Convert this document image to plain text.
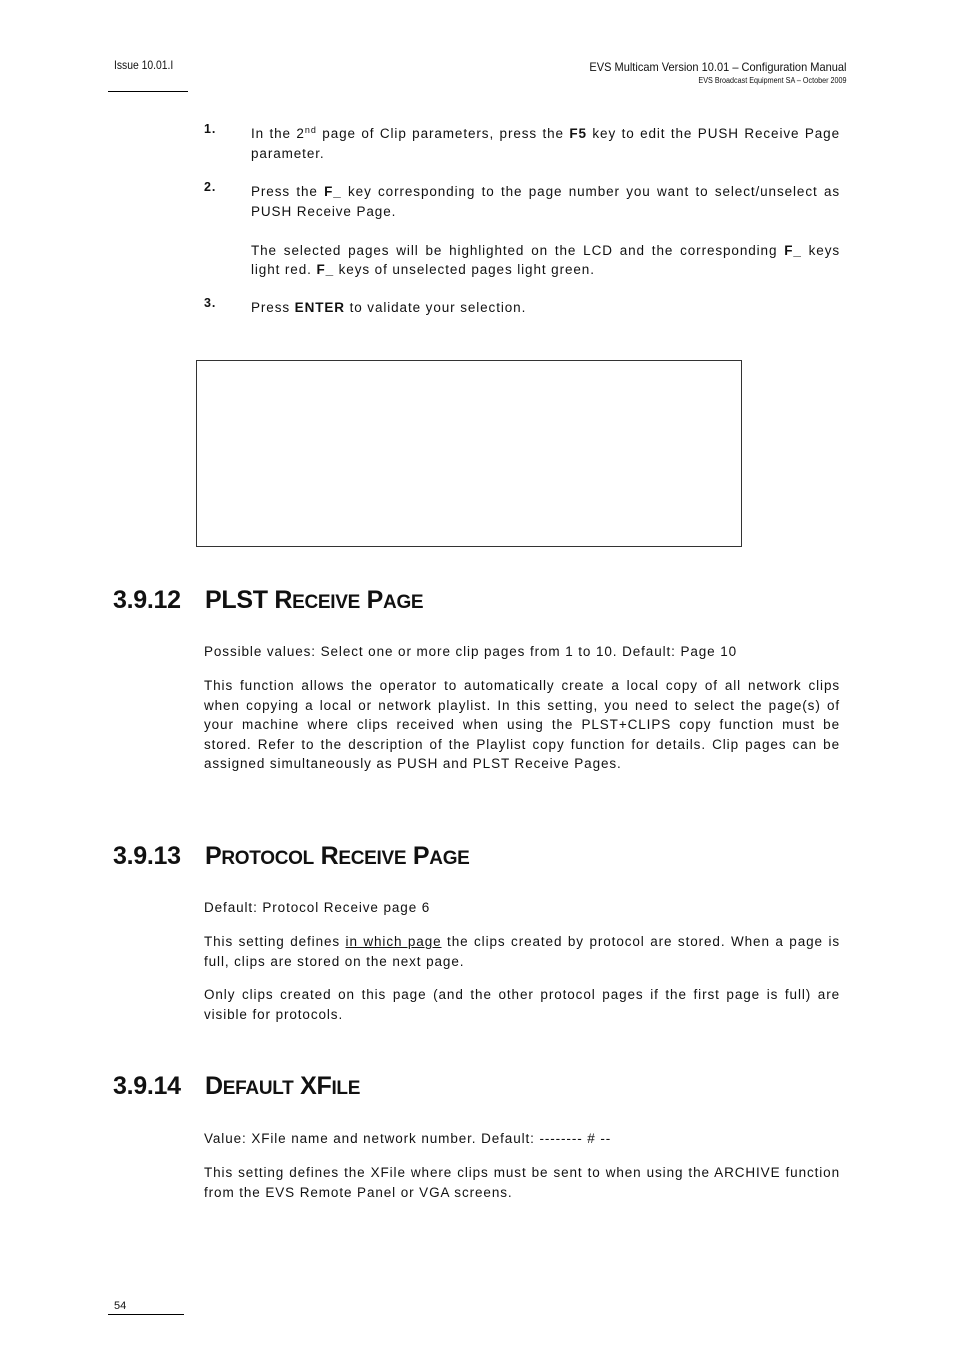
Issue 10.01.I	EVS Multicam Version 10.01 – Configuration Manual
EVS Broadcast Equipment SA – October 2009
1.	In the 2nd page of Clip parameters, press the F5 key to edit the PUSH Receive Page parameter.
2.	Press the F_ key corresponding to the page number you want to select/unselect as PUSH Receive Page.
The selected pages will be highlighted on the LCD and the corresponding F_ keys light red. F_ keys of unselected pages light green.
3.	Press ENTER to validate your selection.
3.9.12 PLST RECEIVE PAGE
Possible values: Select one or more clip pages from 1 to 10. Default: Page 10
This function allows the operator to automatically create a local copy of all network clips when copying a local or network playlist. In this setting, you need to select the page(s) of your machine where clips received when using the PLST+CLIPS copy function must be stored. Refer to the description of the Playlist copy function for details. Clip pages can be assigned simultaneously as PUSH and PLST Receive Pages.
3.9.13 PROTOCOL RECEIVE PAGE
Default: Protocol Receive page 6
This setting defines in which page the clips created by protocol are stored. When a page is full, clips are stored on the next page.
Only clips created on this page (and the other protocol pages if the first page is full) are visible for protocols.
3.9.14 DEFAULT XFILE
Value: XFile name and network number. Default: -------- # --
This setting defines the XFile where clips must be sent to when using the ARCHIVE function from the EVS Remote Panel or VGA screens.
54
